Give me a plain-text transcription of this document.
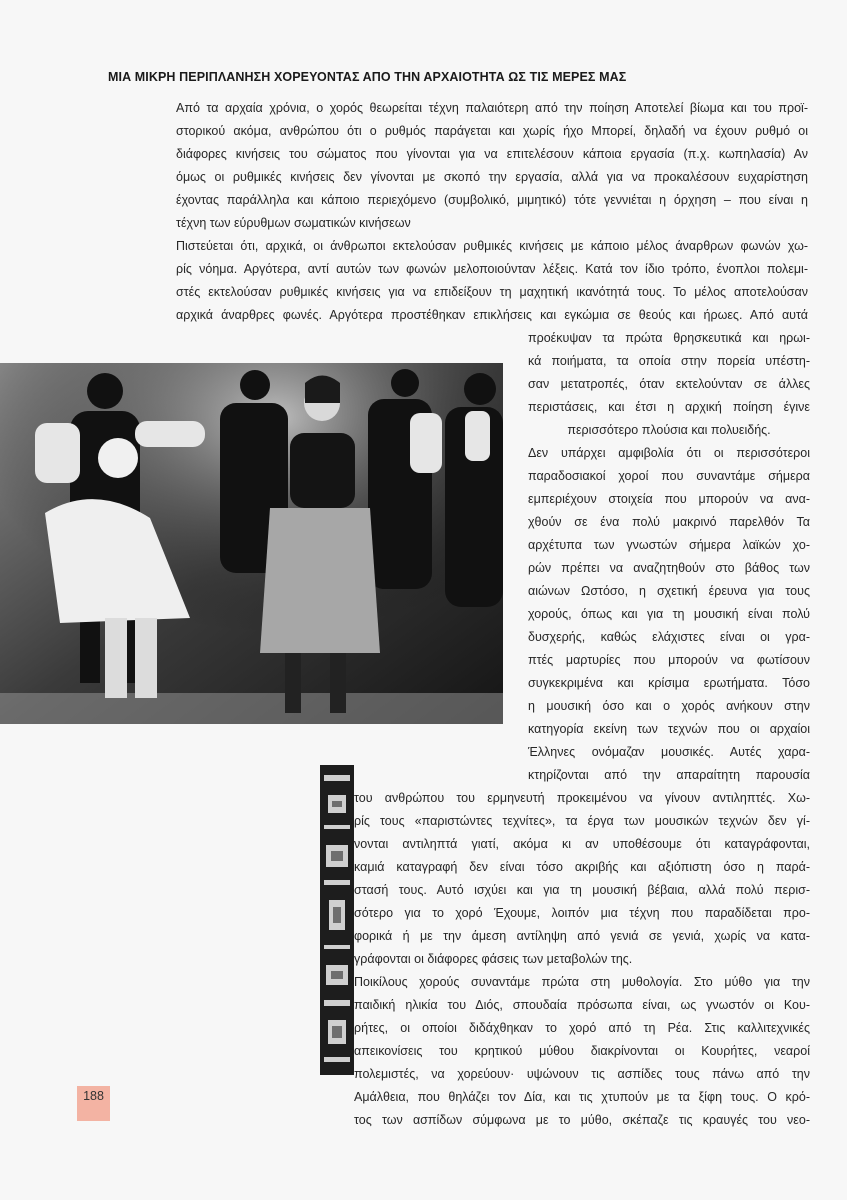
ΜΙΑ ΜΙΚΡΗ ΠΕΡΙΠΛΑΝΗΣΗ ΧΟΡΕΥΟΝΤΑΣ ΑΠΟ ΤΗΝ ΑΡΧΑΙΟΤΗΤΑ ΩΣ ΤΙΣ ΜΕΡΕΣ ΜΑΣ
Από τα αρχαία χρόνια, ο χορός θεωρείται τέχνη παλαιότερη από την ποίηση Αποτελεί βίωμα και του προϊ-
στορικού ακόμα, ανθρώπου ότι ο ρυθμός παράγεται και χωρίς ήχο Μπορεί, δηλαδή να έχουν ρυθμό οι
διάφορες κινήσεις του σώματος που γίνονται για να επιτελέσουν κάποια εργασία (π.χ. κωπηλασία) Αν
όμως οι ρυθμικές κινήσεις δεν γίνονται με σκοπό την εργασία, αλλά για να προκαλέσουν ευχαρίστηση
έχοντας παράλληλα και κάποιο περιεχόμενο (συμβολικό, μιμητικό) τότε γεννιέται η όρχηση – που είναι η
τέχνη των εύρυθμων σωματικών κινήσεων
Πιστεύεται ότι, αρχικά, οι άνθρωποι εκτελούσαν ρυθμικές κινήσεις με κάποιο μέλος άναρθρων φωνών χω-
ρίς νόημα. Αργότερα, αντί αυτών των φωνών μελοποιούνταν λέξεις. Κατά τον ίδιο τρόπο, ένοπλοι πολεμι-
στές εκτελούσαν ρυθμικές κινήσεις για να επιδείξουν τη μαχητική ικανότητά τους. Το μέλος αποτελούσαν
αρχικά άναρθρες φωνές. Αργότερα προστέθηκαν επικλήσεις και εγκώμια σε θεούς και ήρωες. Από αυτά
προέκυψαν τα πρώτα θρησκευτικά και ηρωι-
κά ποιήματα, τα οποία στην πορεία υπέστη-
σαν μετατροπές, όταν εκτελούνταν σε άλλες
περιστάσεις, και έτσι η αρχική ποίηση έγινε
περισσότερο πλούσια και πολυειδής.
Δεν υπάρχει αμφιβολία ότι οι περισσότεροι
παραδοσιακοί χοροί που συναντάμε σήμερα
εμπεριέχουν στοιχεία που μπορούν να ανα-
χθούν σε ένα πολύ μακρινό παρελθόν Τα
αρχέτυπα των γνωστών σήμερα λαϊκών χο-
ρών πρέπει να αναζητηθούν στο βάθος των
αιώνων Ωστόσο, η σχετική έρευνα για τους
χορούς, όπως και για τη μουσική είναι πολύ
δυσχερής, καθώς ελάχιστες είναι οι γρα-
πτές μαρτυρίες που μπορούν να φωτίσουν
συγκεκριμένα και κρίσιμα ερωτήματα. Τόσο
η μουσική όσο και ο χορός ανήκουν στην
κατηγορία εκείνη των τεχνών που οι αρχαίοι
Έλληνες ονόμαζαν μουσικές. Αυτές χαρα-
κτηρίζονται από την απαραίτητη παρουσία
του ανθρώπου του ερμηνευτή προκειμένου να γίνουν αντιληπτές. Χω-
ρίς τους «παριστώντες τεχνίτες», τα έργα των μουσικών τεχνών δεν γί-
νονται αντιληπτά γιατί, ακόμα κι αν υποθέσουμε ότι καταγράφονται,
καμιά καταγραφή δεν είναι τόσο ακριβής και αξιόπιστη όσο η παρά-
στασή τους. Αυτό ισχύει και για τη μουσική βέβαια, αλλά πολύ περισ-
σότερο για το χορό Έχουμε, λοιπόν μια τέχνη που παραδίδεται προ-
φορικά ή με την άμεση αντίληψη από γενιά σε γενιά, χωρίς να κατα-
γράφονται οι διάφορες φάσεις των μεταβολών της.
Ποικίλους χορούς συναντάμε πρώτα στη μυθολογία. Στο μύθο για την
παιδική ηλικία του Διός, σπουδαία πρόσωπα είναι, ως γνωστόν οι Κου-
ρήτες, οι οποίοι διδάχθηκαν το χορό από τη Ρέα. Στις καλλιτεχνικές
απεικονίσεις του κρητικού μύθου διακρίνονται οι Κουρήτες, νεαροί
πολεμιστές, να χορεύουν· υψώνουν τις ασπίδες τους πάνω από την
Αμάλθεια, που θηλάζει τον Δία, και τις χτυπούν με τα ξίφη τους. Ο κρό-
τος των ασπίδων σύμφωνα με το μύθο, σκέπαζε τις κραυγές του νεο-
188
